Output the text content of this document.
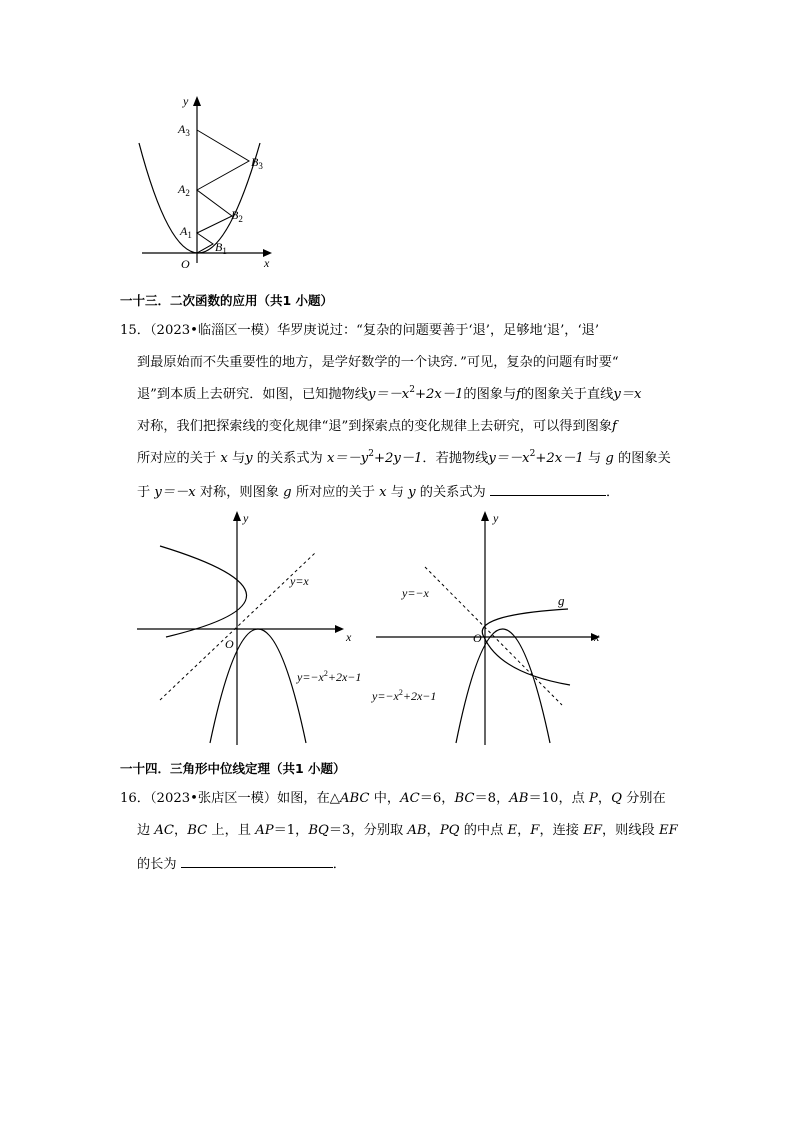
y
x
O
$A_3$
$A_2$
$A_1$
$B_3$
$B_2$
$B_1$
一十三．二次函数的应用（共1 小题）
15．（2023•临淄区一模）华罗庚说过：“复杂的问题要善于‘退’，足够地‘退’，‘退’
到最原始而不失重要性的地方，是学好数学的一个诀窍．”可见，复杂的问题有时要“
退”到本质上去研究．如图，已知抛物线$y=-x^2+2x-1$的图象与f的图象关于直线y＝x
对称，我们把探索线的变化规律“退”到探索点的变化规律上去研究，可以得到图象f
所对应的关于 x 与y 的关系式为 $x=-y^2+2y-1$．若抛物线$y=-x^2+2x-1$ 与 g 的图象关
于 y＝－x 对称，则图象 g 所对应的关于 x 与 y 的关系式为	．
y
x
O
y=x
$y=-x^2+2x-1$
y
x
O
y=−x	g
$y=-x^2+2x-1$
一十四．三角形中位线定理（共1 小题）
16．（2023•张店区一模）如图，在△ABC 中，AC＝6，BC＝8，AB＝10，点 P，Q 分别在
边 AC，BC 上，且 AP＝1，BQ＝3，分别取 AB，PQ 的中点 E，F，连接 EF，则线段 EF
的长为	．
